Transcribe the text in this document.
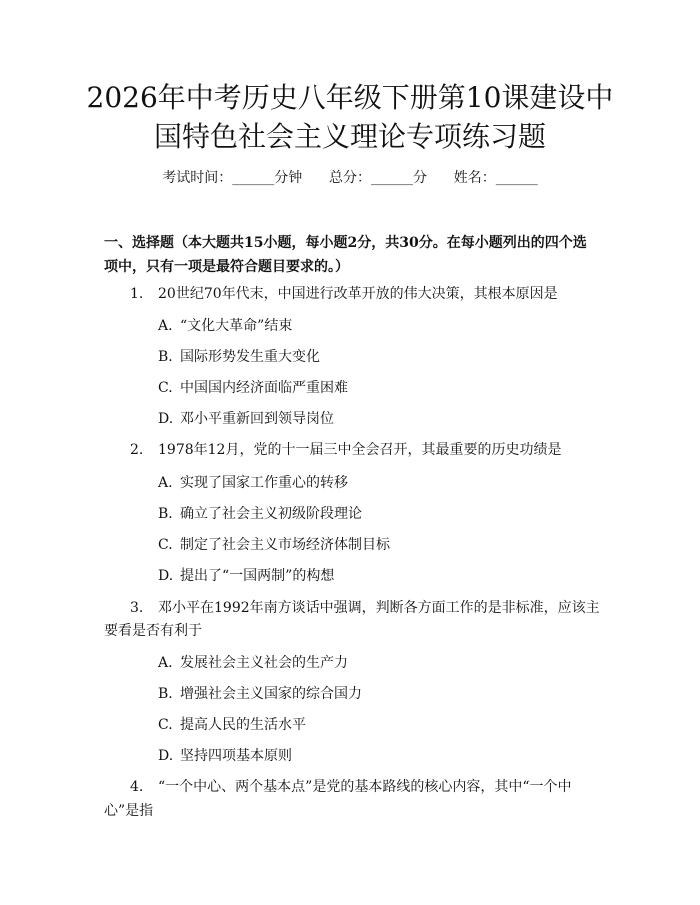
2026年中考历史八年级下册第10课建设中
国特色社会主义理论专项练习题
考试时间：______分钟 总分：______分 姓名：______
一、选择题（本大题共15小题，每小题2分，共30分。在每小题列出的四个选
项中，只有一项是最符合题目要求的。）
1. 20世纪70年代末，中国进行改革开放的伟大决策，其根本原因是
A. “文化大革命”结束
B. 国际形势发生重大变化
C. 中国国内经济面临严重困难
D. 邓小平重新回到领导岗位
2. 1978年12月，党的十一届三中全会召开，其最重要的历史功绩是
A. 实现了国家工作重心的转移
B. 确立了社会主义初级阶段理论
C. 制定了社会主义市场经济体制目标
D. 提出了“一国两制”的构想
3. 邓小平在1992年南方谈话中强调，判断各方面工作的是非标准，应该主
要看是否有利于
A. 发展社会主义社会的生产力
B. 增强社会主义国家的综合国力
C. 提高人民的生活水平
D. 坚持四项基本原则
4. “一个中心、两个基本点”是党的基本路线的核心内容，其中“一个中
心”是指
